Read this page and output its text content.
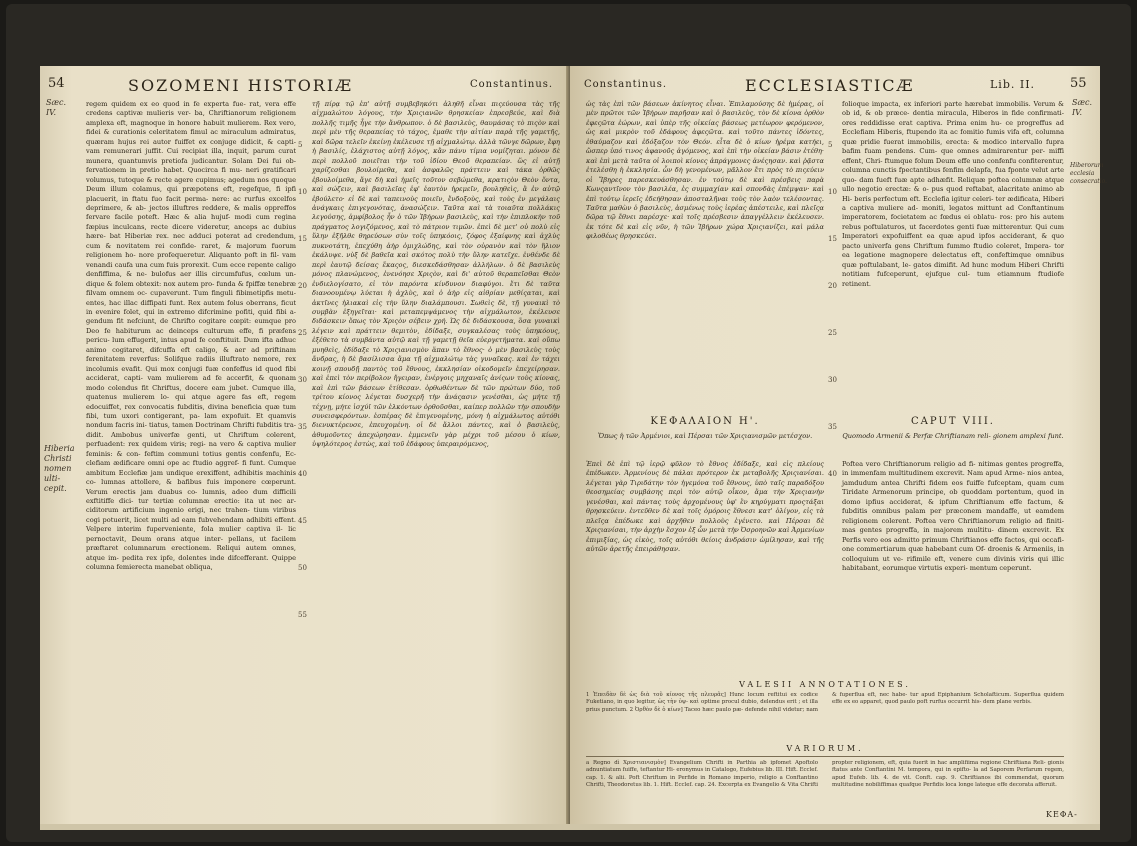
54	SOZOMENI HISTORIÆ	Constantinus.
Sæc.
IV.
Hiberia Christi nomen ulti-cepit.

regem quidem ex eo quod in fe experta fue- rat, vera effe credens captivæ mulieris ver- ba, Chriftianorum religionem amplexa eft, magnoque in honore habuit mulierem. Rex vero, fidei & curationis celeritatem fimul ac miraculum admiratus, quæram hujus rei autor fuiffet ex conjuge didicit, & capti- vam remunerari juffit. Cui recipiat illa, inquit, parum curat munera, quantumvis pretiofa judicantur. Solam Dei fui ob- fervationem in pretio habet. Quocirca fi mu- neri gratificari volumus, tutoque & recte agere cupimus; agedum nos quoque Deum illum colamus, qui præpotens eft, regefque, fi ipfi placuerit, in ftatu fuo facit perma- nere: ac rurfus excelfos deprimere, & ab- jectos illuftres reddere, & malis oppreffos fervare facile poteft. Hæc & alia hujuf- modi cum regina fæpius inculcans, recte dicere videretur, anceps ac dubius hære- bat Hiberiæ rex. nec adduci poterat ad credendum, cum & novitatem rei confide- raret, & majorum fuorum religionem ho- nore profequeretur. Aliquanto poft in fil- vam venandi caufa una cum fuis prorexit. Cum ecce repente caligo denfiffima, & ne- bulofus aer illis circumfufus, cœlum un- dique & folem obtexit: nox autem pro- funda & fpiffæ tenebræ filvam omnem oc- cupaverunt. Tum finguli fibimetipfis metu- entes, hac illac diffipati funt. Rex autem folus oberrans, ficut in evenire folet, qui in extremo difcrimine pofiti, quid fibi a- gendum fit nefciunt, de Chrifto cogitare cœpit: eumque pro Deo fe habiturum ac deinceps culturum effe, fi præfens pericu- lum effugerit, intus apud fe conftituit. Dum ifta adhuc animo cogitaret, difcuffa eft caligo, & aer ad priftinam ferenitatem reverfus: Solifque radiis illuftrato nemore, rex incolumis evafit. Qui mox conjugi fuæ confeffus id quod fibi acciderat, capti- vam mulierem ad fe accerfit, & quonam modo colendus fit Chriftus, docere eam jubet. Cumque illa, quatenus mulierem lo- qui atque agere fas eft, regem edocuiffet, rex convocatis fubditis, divina beneficia quæ tum fibi, tum uxori contigerant, pa- lam expofuit. Et quamvis nondum facris ini- tiatus, tamen Doctrinam Chrifti fubditis tra- didit. Ambobus univerfæ genti, ut Chriftum colerent, perfuadent: rex quidem viris; regi- na vero & captiva mulier feminis: & con- feftim communi totius gentis confenfu, Ec- clefiam ædificare omni ope ac ftudio aggref- fi funt. Cumque ambitum Ecclefiæ jam undique erexiffent, adhibitis machinis co- lumnas attollere, & bafibus fuis imponere cœperunt. Verum erectis jam duabus co- lumnis, adeo dum difficili exftitiffe dici- tur tertiæ columnæ erectio: ita ut nec ar- ciditorum artificium ingenio erigi, nec trahen- tium viribus cogi potuerit, licet multi ad eam fubvehendam adhibiti effent. Velpere interim fuperveniente, fola mulier captiva il- lic pernoctavit, Deum orans atque inter- pellans, ut facilem præftaret columnarum erectionem. Reliqui autem omnes, atque im- pedita rex ipfe, dolentes inde difcefferant. Quippe columna femierecta manebat obliqua,

5
10
15
20
25
30
35
40
45
50
55

τῇ πίρᾳ τῷ ἐπ' αὐτῇ συμβεβηκότι ἀληθῆ εἶναι πιςεύουσα τὰς τῆς αἰχμαλώτου λόγους, τὴν Χριςιανῶν θρησκείαν ἐπρεσβεύε, καὶ διὰ πολλῆς τιμῆς ἦγε τὴν ἄνθρωπον. ὁ δὲ βασιλεὺς, θαυμάσας τὸ πιςὸν καὶ περὶ μὲν τῆς θεραπείας τὸ τάχος, ἐμαθε τὴν αἰτίαν παρὰ τῆς γαμετῆς, καὶ δῶρα τελεῖν ἐκείνῃ ἐκέλευσε τῇ αἰχμαλώτῳ. ἀλλὰ τῶνγε δῶρων, ἔφη ἡ βασιλίς, ἐλάχιστος αὐτῇ λόγος, κἂν πάνυ τίμια νομίζηται. μόνον δὲ περὶ πολλοῦ ποιεῖται τὴν τοῦ ἰδίου Θεοῦ θεραπείαν. ὥς εἰ αὐτῇ χαρίζεσθαι βουλοίμεθα, καὶ ἀσφαλῶς πράττειν καὶ τάκα ὀρθῶς ἐβουλοίμεθα, ἄγε δὴ καὶ ἡμεῖς τοῦτον σεβώμεθα, κρατιςὸν Θεὸν ὄντα, καὶ σώζειν, καὶ βασιλεῖας ἐφ' ἑαυτὸν ἠρεμεῖν, βουληθεὶς, ἃ ἐν αὐτῷ ἐβούλετο· εἰ δὲ καὶ ταπεινοὺς ποιεῖν, ἔνδοξοὺς, καὶ τοὺς ἐν μεγάλαις ἀνάγκαις ἐπιγεγονότας, ἀνασώζειν. Ταῦτα καὶ τὰ τοιαῦτα πολλάκις λεγούσης, ἀμφίβολος ἦν ὁ τῶν Ἰβήρων βασιλεὺς, καὶ τὴν ἐπιπλοκὴν τοῦ πράγματος λογιζόμενος, καὶ τὸ πάτριον τιμῶν. ἐπεὶ δὲ μετ' οὐ πολὺ εἰς ὕλην ἐξῆλθε θηρεύσων σὺν τοῖς ὑπηκόοις, ζόφος ἐξαίφνης καὶ ἀχλὺς πυκνοτάτη, ἐπεχύθη ἀὴρ ὁμιχλώδης, καὶ τὸν οὐρανὸν καὶ τὸν ἥλιον ἐκάλυψε. νὺξ δὲ βαθεῖα καὶ σκότος πολὺ τὴν ὕλην κατεῖχε. ἐνθένδε δὲ περὶ ἑαυτῷ δείσας ἕκαςος, διεσκεδάσθησαν ἀλλήλων. ὁ δὲ βασιλεὺς μόνος πλανώμενος, ἐνενόησε Χριςὸν, καὶ δι' αὐτοῦ θεραπεῖσθαι Θεὸν ἐνδιελογίσατο, εἰ τὸν παρόντα κίνδυνον διαφύγοι. ἔτι δὲ ταῦτα διανοουμένῳ λύεται ἡ ἀχλὺς, καὶ ὁ ἀὴρ εἰς αἰθρίαν μεθίςαται, καὶ ἀκτῖνες ἡλιακαὶ εἰς τὴν ὕλην διαλάμπουσι. Σωθεὶς δὲ, τῇ γυναικὶ τὸ συμβὰν ἐξηγεῖται· καὶ μεταπεμψάμενος τὴν αἰχμάλωτον, ἐκέλευσε διδάσκειν ὅπως τὸν Χριςὸν σέβειν χρή. Ὡς δὲ διδάσκουσα, ὅσα γυναικὶ λέγειν καὶ πράττειν θεμιτὸν, ἐδίδαξε, συγκαλέσας τοὺς ὑπηκόους, ἐξέθετο τὰ συμβάντα αὐτῷ καὶ τῇ γαμετῇ θεῖα εὐεργετήματα. καὶ οὔπω μυηθεὶς, ἐδίδαξε τὸ Χριςιανισμὸν ἅπαν τὸ ἔθνος· ὁ μὲν βασιλεὺς τοὺς ἄνδρας, ἡ δὲ βασίλισσα ἅμα τῇ αἰχμαλώτῳ τὰς γυναῖκας. καὶ ἐν τάχει κοινῇ σπουδῇ παντὸς τοῦ ἔθνους, ἐκκλησίαν οἰκοδομεῖν ἐπεχείρησαν. καὶ ἐπεὶ τὸν περίβολον ἤγειραν, ἐνέργοις μηχαναῖς ἀνίςων τοὺς κίονας, καὶ ἐπὶ τῶν βάσεων ἐτίθεσαν. ὀρθωθέντων δὲ τῶν πρώτων δύο, τοῦ τρίτου κίονος λέγεται δυσχερῆ τὴν ἀνάςασιν γενέσθαι, ὡς μήτε τῇ τέχνῃ, μήτε ἰσχύϊ τῶν ἑλκόντων ὀρθοῦσθαι, καίπερ πολλῶν τὴν σπουδὴν συνεισφερόντων. ἑσπέρας δὲ ἐπιγενομένης, μόνη ἡ αἰχμάλωτος αὐτόθι διενυκτέρευσε, ἐπευχομένη. οἱ δὲ ἄλλοι πάντες, καὶ ὁ βασιλεὺς, ἀθυμοῦντες ἀπεχώρησαν. ἐμμενεῖν γὰρ μέχρι τοῦ μέσου ὁ κίων, ὑψηλότερος ἑστὼς, καὶ τοῦ ἑδάφους ὑπεραιρόμενος,

Constantinus.	ECCLESIASTICÆ	Lib. II.	55
Sæc.
IV.
Hiberorum ecclesia consecratio.
ὡς τὰς ἐπὶ τῶν βάσεων ἀκίνητος εἶναι. Ἐπιλαμούσης δὲ ἡμέρας, οἱ μὲν πρῶτοι τῶν Ἰβήρων παρῆσαν καὶ ὁ βασιλεὺς, τὸν δὲ κίονα ὀρθὸν ἐφεςῶτα ἑώρων, καὶ ὑπὲρ τῆς οἰκείας βάσεως μετέωρον φερόμενον, ὡς καὶ μικρὸν τοῦ ἐδάφους ἀφεςῶτα. καὶ τοῦτο πάντες ἰδόντες, ἐθαύμαζον καὶ ἐδόξαζον τὸν Θεόν. εἶτα δὲ ὁ κίων ἠρέμα κατήει, ὥσπερ ὑπό τινος ἀφανοῦς ἀγόμενος, καὶ ἐπὶ τὴν οἰκείαν βάσιν ἐτέθη· καὶ ἐπὶ μετὰ ταῦτα οἱ λοιποὶ κίονες ἀπράγμονες ἀνέςησαν. καὶ ῥᾷστα ἐτελέσθη ἡ ἐκκλησία. ὧν δὴ γενομένων, μᾶλλον ἔτι πρὸς τὸ πιςεύειν οἱ Ἴβηρες παρεσκευάσθησαν. ἐν τούτῳ δὲ καὶ πρέσβεις παρὰ Κωνςαντῖνον τὸν βασιλέα, ἐς συμμαχίαν καὶ σπονδὰς ἐπέμψαν· καὶ ἐπὶ τούτῳ ἱερεῖς ἐδεήθησαν ἀποσταλῆναι τοὺς τὸν λαὸν τελέσοντας. Ταῦτα μαθὼν ὁ βασιλεὺς, ἀσμένως τοὺς ἱερέας ἀπέστειλε, καὶ πλεῖςα δῶρα τῷ ἔθνει παρέσχε· καὶ τοῖς πρέσβεσιν ἀπαγγέλλειν ἐκέλευσεν. ἐκ τότε δὲ καὶ εἰς νῦν, ἡ τῶν Ἰβήρων χώρα Χριςιανίζει, καὶ μάλα φιλοθέως θρησκεύει.
5
10
15
20
25
30
35
40
folioque impacta, ex inferiori parte hærebat immobilis. Verum & ob id, & ob præce- dentia miracula, Hiberos in fide confirmati- ores reddidisse erat captiva. Prima enim hu- ce progreffus ad Ecclefiam Hiberis, ftupendo ita ac fomitio fumis vifa eft, columna quæ pridie fuerat immobilis, erecta: & modico intervallo fupra bafim fuam pendens. Cum- que omnes admirarentur per- miffi effent, Chri- ftumque folum Deum effe uno confenfu confiterentur, columna cunctis fpectantibus fenfim delapfa, fua fponte velut arte quo- dam fueft fuæ apte adhæfit. Reliquæ poftea columnæ atque ullo negotio erectæ: & o- pus quod reftabat, alacritate animo ab Hi- beris perfectum eft. Ecclefia igitur celeri- ter ædificata, Hiberi a captiva muliere ad- moniti, legatos mittunt ad Conftantinum imperatorem, focietatem ac fœdus ei oblatu- ros: pro his autem rebus poftulaturos, ut facerdotes genti fuæ mitterentur. Qui cum Imperatori expofuiffent ea quæ apud ipfos acciderant, & quo pacto univerfa gens Chriftum fummo ftudio coleret, Impera- tor ea legatione magnopere delectatus eft, confeftimque omnibus quæ poftulabant, le- gatos dimifit. Ad hunc modum Hiberi Chrifti notitiam fufceperunt, ejufque cul- tum etiamnum ftudiofe retinent.
ΚΕΦΑΛΑΙΟΝ Η'.
Ὅπως ἡ τῶν Ἀρμένιοι, καὶ Πέρσαι τῶν Χριςιανισμῶν μετέσχον.
CAPUT VIII.
Quomodo Armenii & Perfæ Chriftianam reli- gionem amplexi funt.
Ἐπεὶ δὲ ἐπὶ τῷ ἱερῷ φῦλον τὸ ἔθνος ἐδίδαξε, καὶ εἰς πλείους ἐπέδωκεν. Ἀρμενίους δὲ πάλαι πρότερον ἐκ μεταβολῆς Χριςιανίσαι. λέγεται γὰρ Τιριδάτην τὸν ἡγεμόνα τοῦ ἔθνους, ὑπὸ ταῖς παραδόξου θεοσημείας συμβάσης περὶ τὸν αὐτῷ οἶκον, ἅμα τὴν Χριςιανὴν γενέσθαι, καὶ πάντας τοὺς ἀρχομένους ὑφ' ἓν κηρύγματι προςτάξαι θρησκεύειν. ἐντεῦθεν δὲ καὶ τοῖς ὁμόροις ἔθνεσι κατ' ὀλίγον, εἰς τὰ πλεῖςα ἐπέδωκε καὶ ἀρχῆθεν πολλοὺς ἐγένετο. καὶ Πέρσαι δὲ Χριςιανίσαι, τὴν ἀρχὴν ἔσχον ἐξ ὧν μετὰ τὴν Ὀσροηνῶν καὶ Ἀρμενίων ἐπιμιξίας, ὡς εἰκὸς, τοῖς αὐτόθι θείοις ἀνδράσιν ὡμίλησαν, καὶ τῆς αὐτῶν ἀρετῆς ἐπειράθησαν.
Poftea vero Chriftianorum religio ad fi- nitimas gentes progreffa, in immenfam multitudinem excrevit. Nam apud Arme- nios antea, jamdudum antea Chrifti fidem eos fuiffe fufceptam, quam cum Tiridate Armenorum principe, ob quoddam portentum, quod in domo ipfius acciderat, & ipfum Chriftianum effe factum, & fubditis omnibus palam per præconem mandaffe, ut eamdem religionem colerent. Poftea vero Chriftianorum religio ad finiti- mas gentes progreffa, in majorem multitu- dinem excrevit. Ex Perfis vero eos admitto primum Chriftianos effe factos, qui occafi- one commertiarum quæ habebant cum Of- droenis & Armeniis, in colloquium ut ve- rifimile eft, venere cum divinis viris qui illic habitabant, eorumque virtutis experi- mentum ceperunt.
VALESII ANNOTATIONES.
1 Ἐπειδὰν δὲ ὡς διὰ τοῦ κίονος τῆς πλευρᾶς] Hunc locum reftitui ex codice Fuketiano, in quo legitur, ὡς τὴν ὑψ- καὶ optime procul dubio, delendus erit ; et illa prius punctum. 2 Ὀρθὸν δὲ ὁ κίων] Taceo hæc paulo pæ- defende nihil videtur; nam & fuperflua eft, nec habe- tur apud Epiphanium Scholafticum. Superflua quidem effe ex eo apparet, quod paulo poft rurfus occurrit his- dem plane verbis.
VARIORUM.
a Regno dì Χριστιανισμὸν] Evangelium Chrifti in Parthia ab ipfomet Apoftolo adnuntiatum fuiffe, teftantur Hi- eronymus in Catalogo, Eufebius lib. III. Hift. Ecclef. cap. 1. & alii. Poft Chriftum in Perfide in Romano imperio, religio a Conftantino Chrifti, Theodoretus lib. 1. Hift. Ecclef. cap. 24. Excerpta ex Evangelio & Vita Chrifti propter religionem, eft, quia fuerit in hac amplifiima regione Chriftiana Reli- gionis ftatus ante Conftantini M. tempora, qui in epifto- la ad Saporem Perfarum regem, apud Eufeb. lib. 4. de vit. Conft. cap. 9. Chriftianos ibi commendat, quorum multitudine nobiliffimas quafque Perfidis loca longe lateque effe decorata afferuit.
ΚΕΦΑ-
